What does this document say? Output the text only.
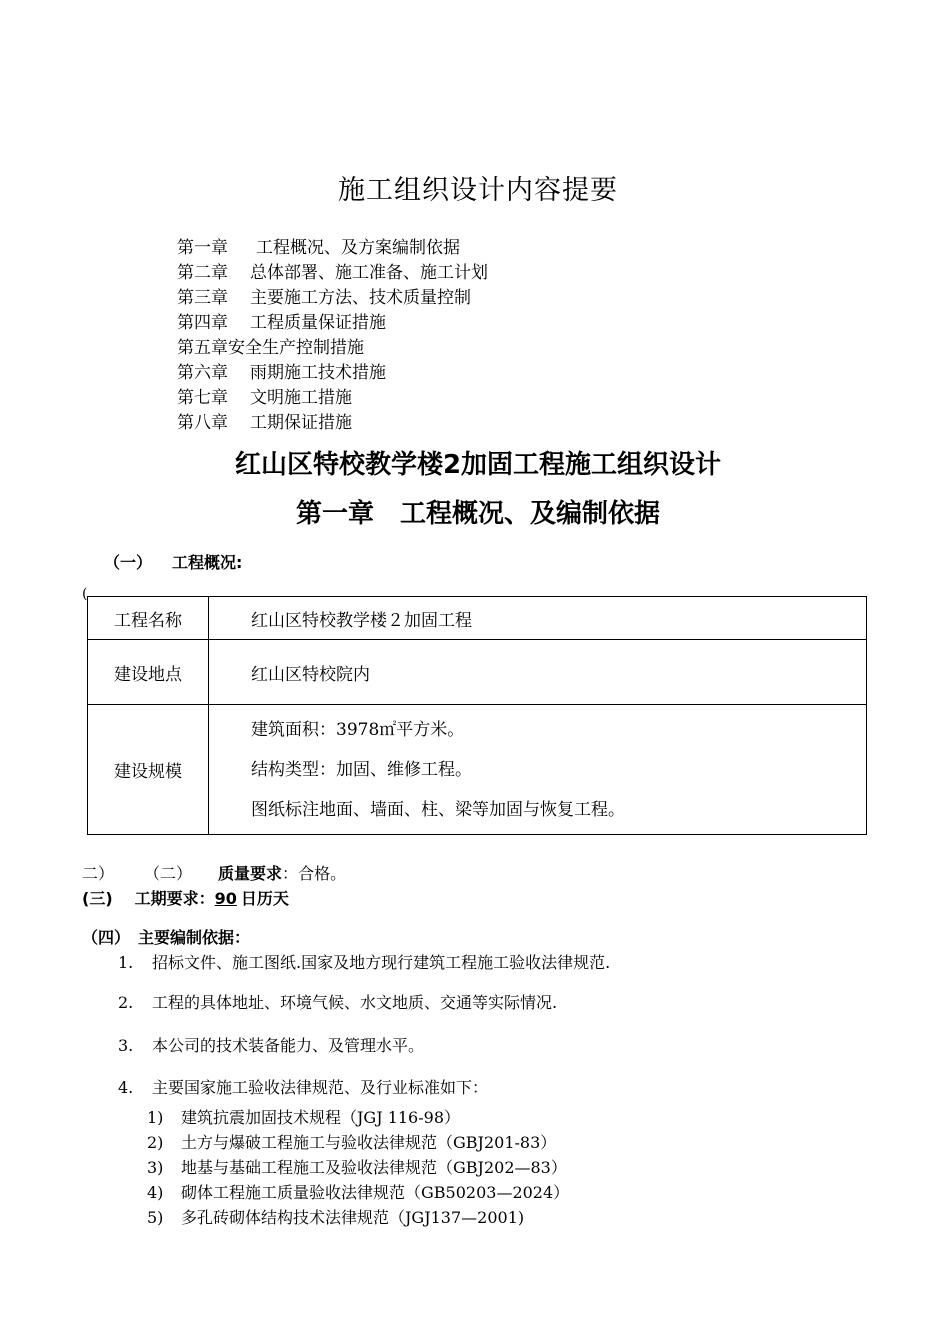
施工组织设计内容提要
第一章 工程概况、及方案编制依据
第二章 总体部署、施工准备、施工计划
第三章 主要施工方法、技术质量控制
第四章 工程质量保证措施
第五章安全生产控制措施
第六章 雨期施工技术措施
第七章 文明施工措施
第八章 工期保证措施
红山区特校教学楼2加固工程施工组织设计
第一章　工程概况、及编制依据
（一） 工程概况:
(
工程名称	红山区特校教学楼２加固工程
建设地点	红山区特校院内
建设规模	建筑面积：3978㎡平方米。
结构类型：加固、维修工程。
图纸标注地面、墙面、柱、梁等加固与恢复工程。
二） （二） 质量要求：合格。
(三) 工期要求：90 日历天
（四） 主要编制依据：
1. 招标文件、施工图纸.国家及地方现行建筑工程施工验收法律规范.
2. 工程的具体地址、环境气候、水文地质、交通等实际情况.
3. 本公司的技术装备能力、及管理水平。
4. 主要国家施工验收法律规范、及行业标准如下：
1) 建筑抗震加固技术规程（JGJ 116-98）
2) 土方与爆破工程施工与验收法律规范（GBJ201-83）
3) 地基与基础工程施工及验收法律规范（GBJ202—83）
4) 砌体工程施工质量验收法律规范（GB50203—2024）
5) 多孔砖砌体结构技术法律规范（JGJ137—2001)
